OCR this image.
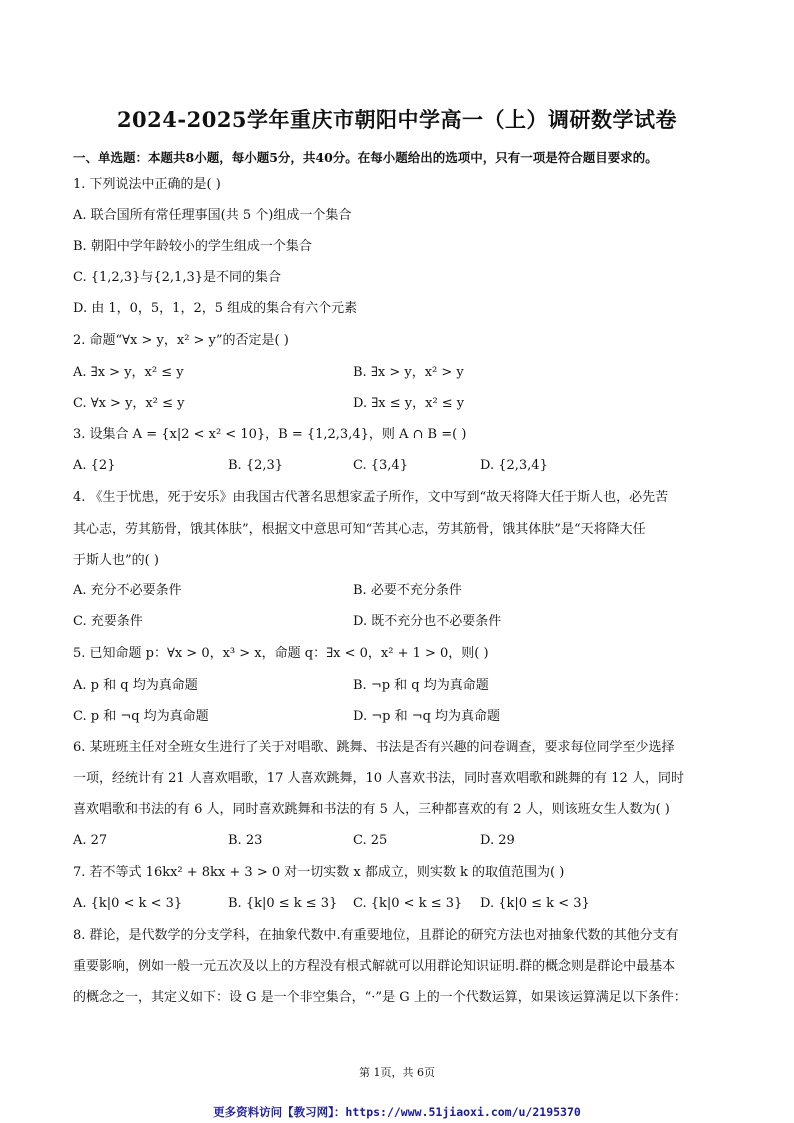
2024-2025学年重庆市朝阳中学高一（上）调研数学试卷
一、单选题：本题共8小题，每小题5分，共40分。在每小题给出的选项中，只有一项是符合题目要求的。
1. 下列说法中正确的是( )
A. 联合国所有常任理事国(共 5 个)组成一个集合
B. 朝阳中学年龄较小的学生组成一个集合
C. {1,2,3}与{2,1,3}是不同的集合
D. 由 1，0，5，1，2，5 组成的集合有六个元素
2. 命题“∀x > y，x² > y”的否定是( )
A. ∃x > y，x² ≤ y	B. ∃x > y，x² > y
C. ∀x > y，x² ≤ y	D. ∃x ≤ y，x² ≤ y
3. 设集合 A = {x|2 < x² < 10}，B = {1,2,3,4}，则 A ∩ B =( )
A. {2}	B. {2,3}	C. {3,4}	D. {2,3,4}
4. 《生于忧患，死于安乐》由我国古代著名思想家孟子所作，文中写到“故天将降大任于斯人也，必先苦
其心志，劳其筋骨，饿其体肤”，根据文中意思可知“苦其心志，劳其筋骨，饿其体肤”是“天将降大任
于斯人也”的( )
A. 充分不必要条件	B. 必要不充分条件
C. 充要条件	D. 既不充分也不必要条件
5. 已知命题 p：∀x > 0，x³ > x，命题 q：∃x < 0，x² + 1 > 0，则( )
A. p 和 q 均为真命题	B. ¬p 和 q 均为真命题
C. p 和 ¬q 均为真命题	D. ¬p 和 ¬q 均为真命题
6. 某班班主任对全班女生进行了关于对唱歌、跳舞、书法是否有兴趣的问卷调查，要求每位同学至少选择
一项，经统计有 21 人喜欢唱歌，17 人喜欢跳舞，10 人喜欢书法，同时喜欢唱歌和跳舞的有 12 人，同时
喜欢唱歌和书法的有 6 人，同时喜欢跳舞和书法的有 5 人，三种都喜欢的有 2 人，则该班女生人数为( )
A. 27	B. 23	C. 25	D. 29
7. 若不等式 16kx² + 8kx + 3 > 0 对一切实数 x 都成立，则实数 k 的取值范围为( )
A. {k|0 < k < 3}	B. {k|0 ≤ k ≤ 3} C. {k|0 < k ≤ 3} D. {k|0 ≤ k < 3}
8. 群论，是代数学的分支学科，在抽象代数中.有重要地位，且群论的研究方法也对抽象代数的其他分支有
重要影响，例如一般一元五次及以上的方程没有根式解就可以用群论知识证明.群的概念则是群论中最基本
的概念之一，其定义如下：设 G 是一个非空集合，“·”是 G 上的一个代数运算，如果该运算满足以下条件：
第 1页，共 6页
更多资料访问【教习网】：https://www.51jiaoxi.com/u/2195370
